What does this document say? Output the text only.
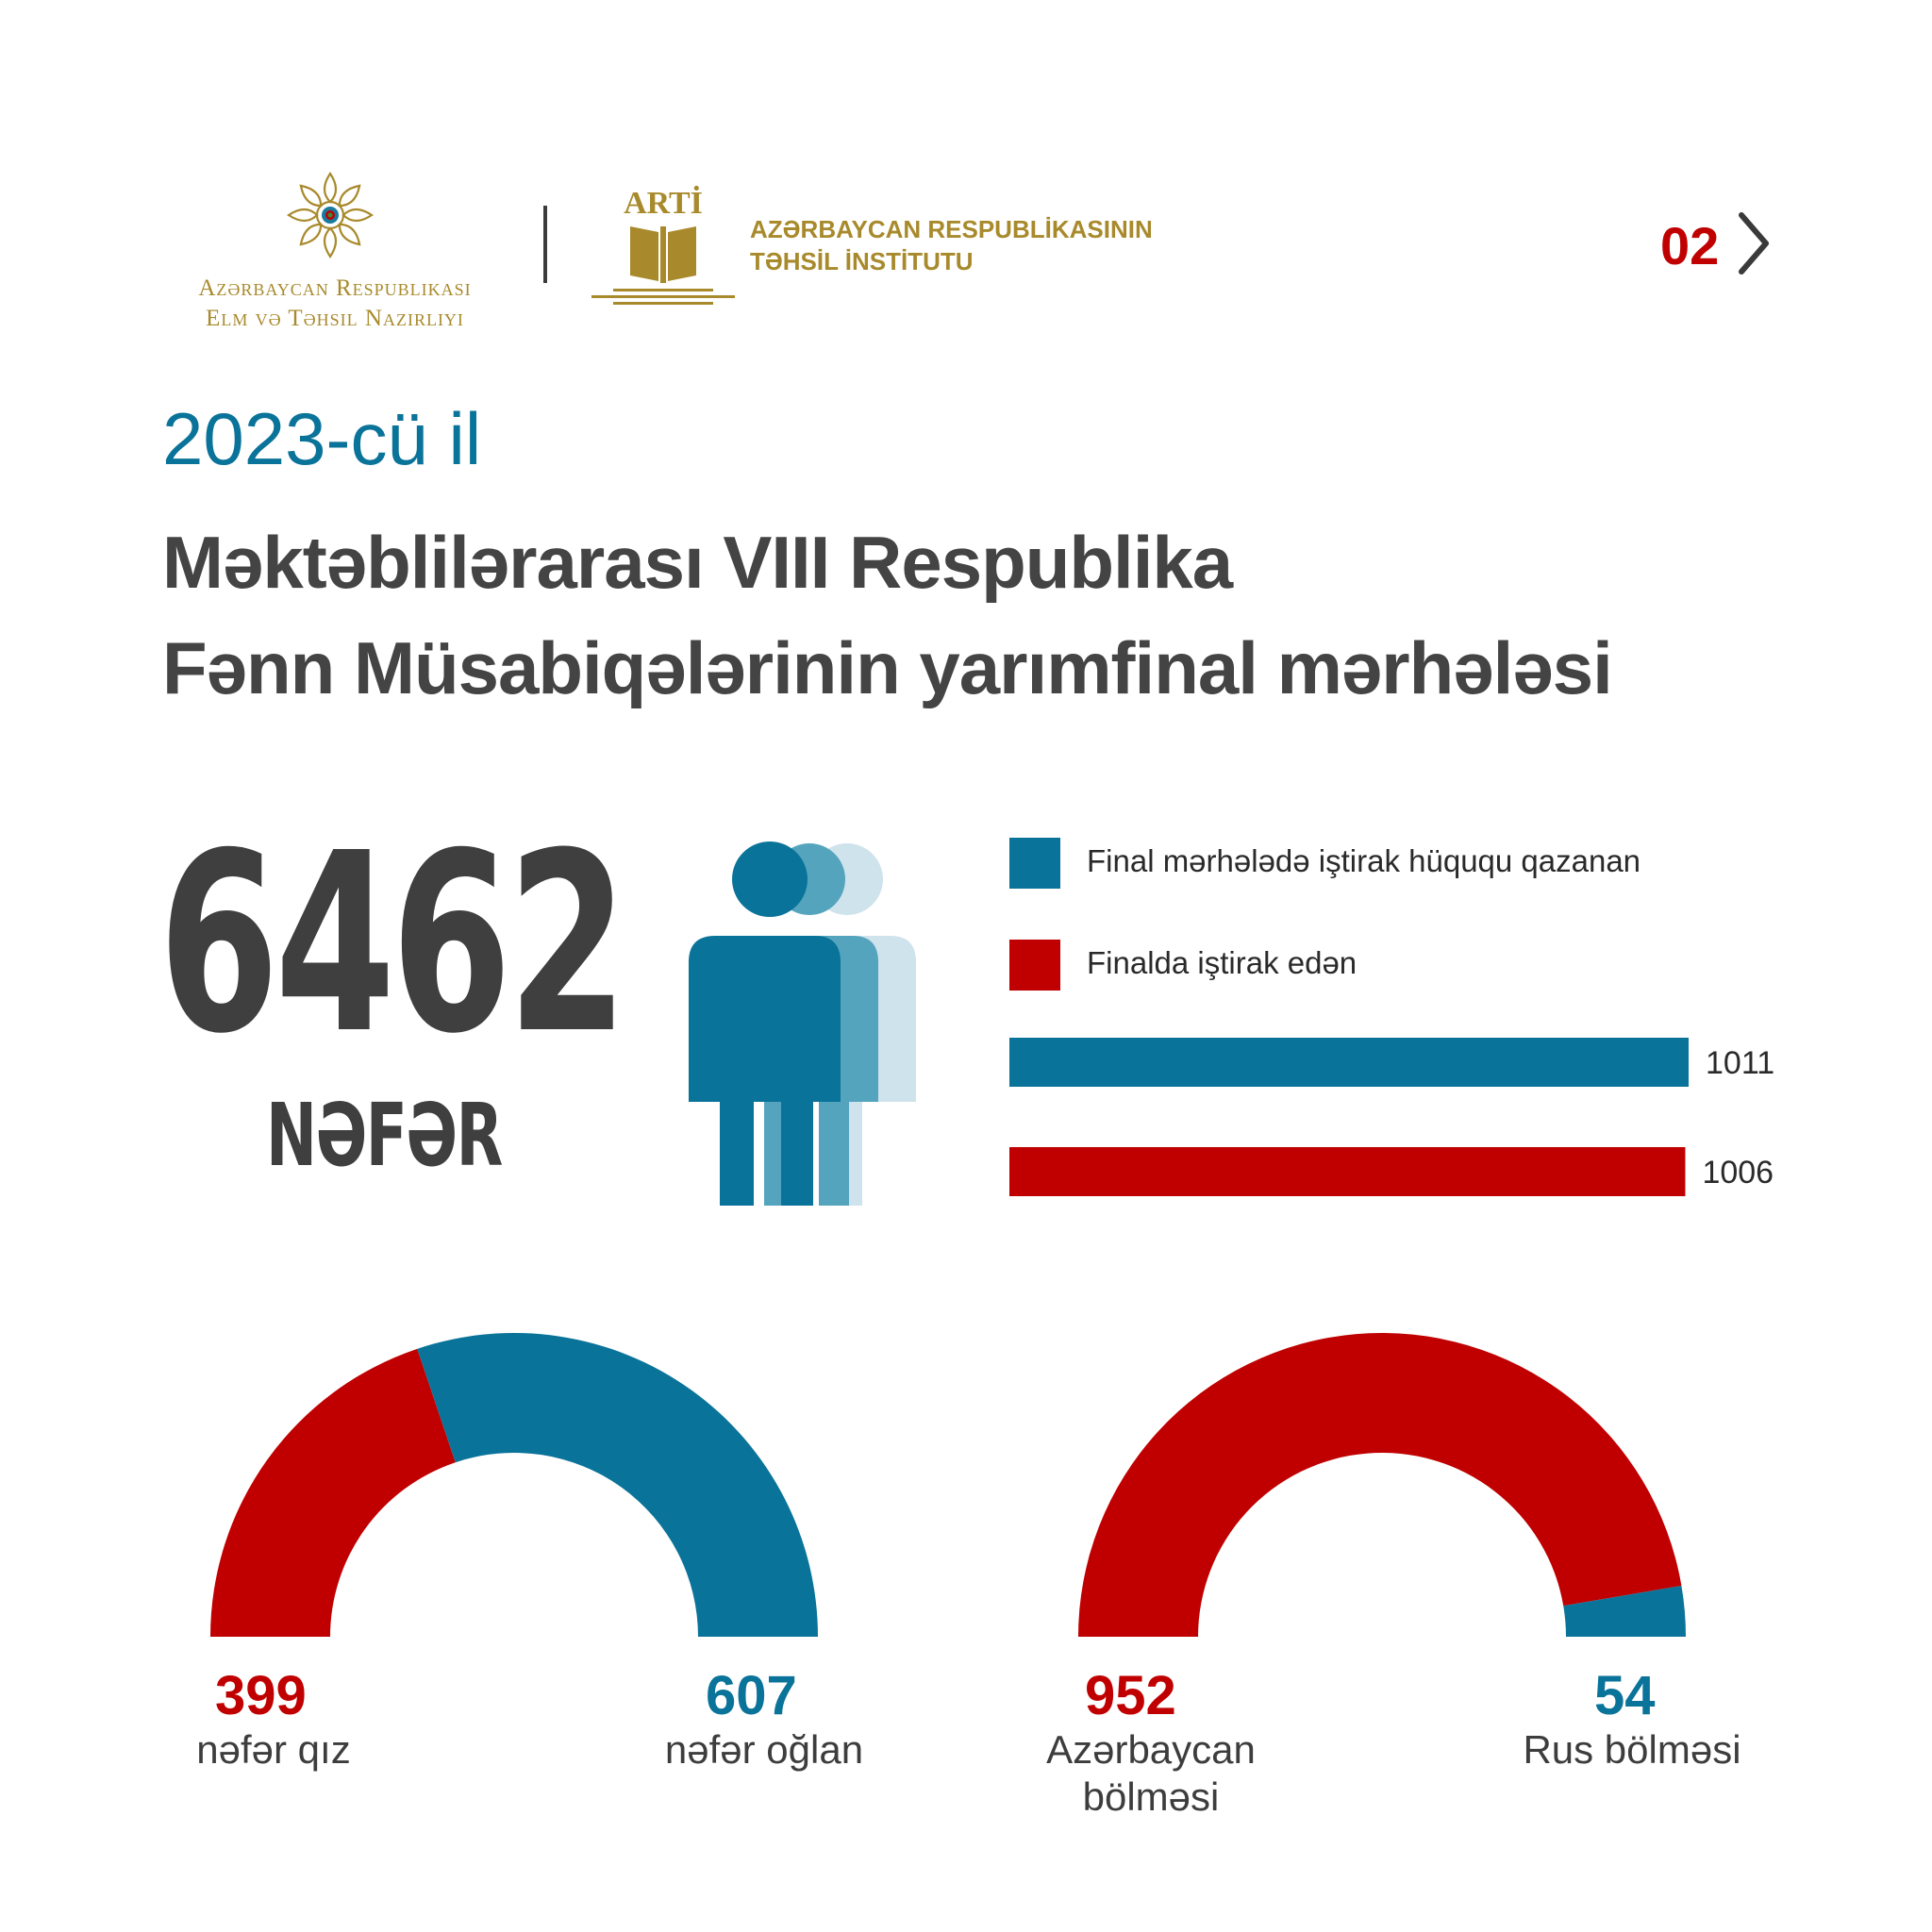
Azərbaycan Respublikası
Elm və Təhsil Nazirliyi
ARTİ
AZƏRBAYCAN RESPUBLİKASININ
TƏHSİL İNSTİTUTU	02
2023-cü il
Məktəblilərarası VIII Respublika
Fənn Müsabiqələrinin yarımfinal mərhələsi
6462
NƏFƏR
Final mərhələdə iştirak hüququ qazanan
Finalda iştirak edən
1011
1006
399
nəfər qız
607
nəfər oğlan
952
Azərbaycan
bölməsi
54
Rus bölməsi
